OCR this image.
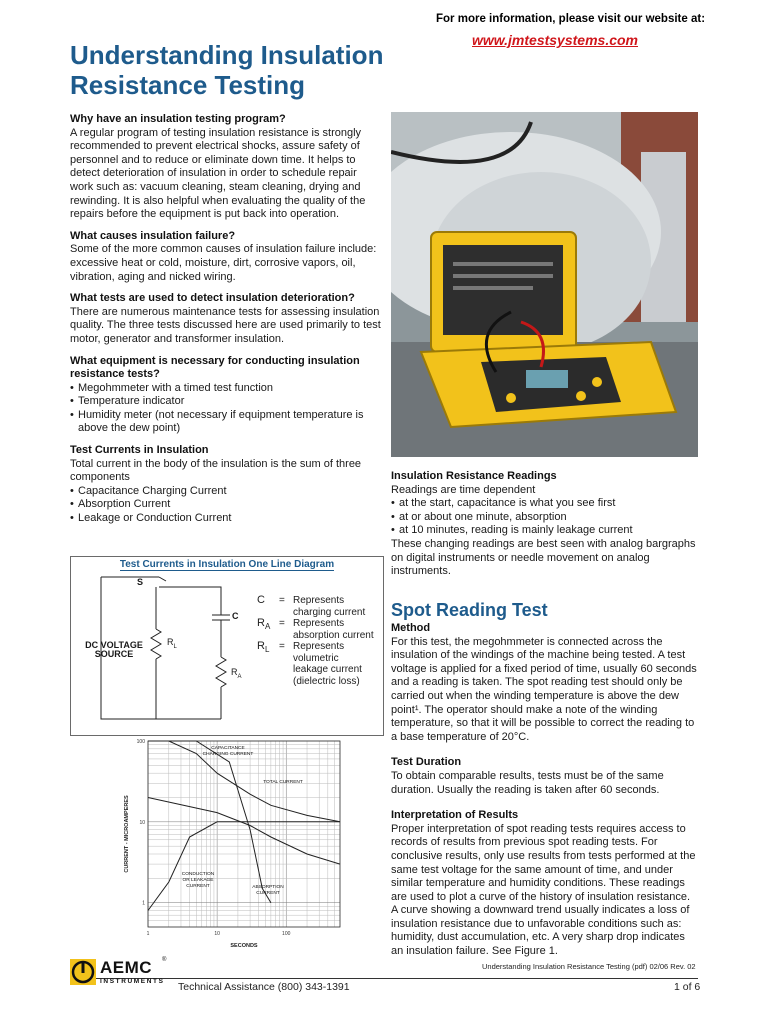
For more information, please visit our website at:
www.jmtestsystems.com
Understanding Insulation
Resistance Testing
Why have an insulation testing program?

A regular program of testing insulation resistance is strongly recommended to prevent electrical shocks, assure safety of personnel and to reduce or eliminate down time. It helps to detect deterioration of insulation in order to schedule repair work such as: vacuum cleaning, steam cleaning, drying and rewinding. It is also helpful when evaluating the quality of the repairs before the equipment is put back into operation.

What causes insulation failure?

Some of the more common causes of insulation failure include: excessive heat or cold, moisture, dirt, corrosive vapors, oil, vibration, aging and nicked wiring.

What tests are used to detect insulation deterioration?

There are numerous maintenance tests for assessing insulation quality. The three tests discussed here are used primarily to test motor, generator and transformer insulation.

What equipment is necessary for conducting insulation resistance tests?
• Megohmmeter with a timed test function
• Temperature indicator
• Humidity meter (not necessary if equipment temperature is above the dew point)
Test Currents in Insulation

Total current in the body of the insulation is the sum of three components

• Capacitance Charging Current
• Absorption Current
• Leakage or Conduction Current
Insulation Resistance Readings

Readings are time dependent

• at the start, capacitance is what you see first
• at or about one minute, absorption
• at 10 minutes, reading is mainly leakage current

These changing readings are best seen with analog bargraphs on digital instruments or needle movement on analog instruments.

Spot Reading Test
Method

For this test, the megohmmeter is connected across the insulation of the windings of the machine being tested. A test voltage is applied for a fixed period of time, usually 60 seconds and a reading is taken. The spot reading test should only be carried out when the winding temperature is above the dew point¹. The operator should make a note of the winding temperature, so that it will be possible to correct the reading to a base temperature of 20°C.

Test Duration

To obtain comparable results, tests must be of the same duration. Usually the reading is taken after 60 seconds.

Interpretation of Results

Proper interpretation of spot reading tests requires access to records of results from previous spot reading tests. For conclusive results, only use results from tests performed at the same test voltage for the same amount of time, and under similar temperature and humidity conditions. These readings are used to plot a curve of the history of insulation resistance. A curve showing a downward trend usually indicates a loss of insulation resistance due to unfavorable conditions such as: humidity, dust accumulation, etc. A very sharp drop indicates an insulation failure. See Figure 1.

Test Currents in Insulation One Line Diagram
S
DC VOLTAGE
SOURCE
$R_L$
C
$R_A$
C	= Represents charging current
$R_A$ = Represents absorption current
$R_L$ = Represents volumetric leakage current (dielectric loss)
1
10
100
1	10	100
SECONDS
CURRENT - MICROAMPERES
CAPACITANCE
CHARGING CURRENT
TOTAL CURRENT
CONDUCTION
OR LEAKAGE
CURRENT	ABSORPTION
CURRENT
Understanding Insulation Resistance Testing (pdf) 02/06 Rev. 02
AEMC ®
INSTRUMENTS Technical Assistance (800) 343-1391	1 of 6
